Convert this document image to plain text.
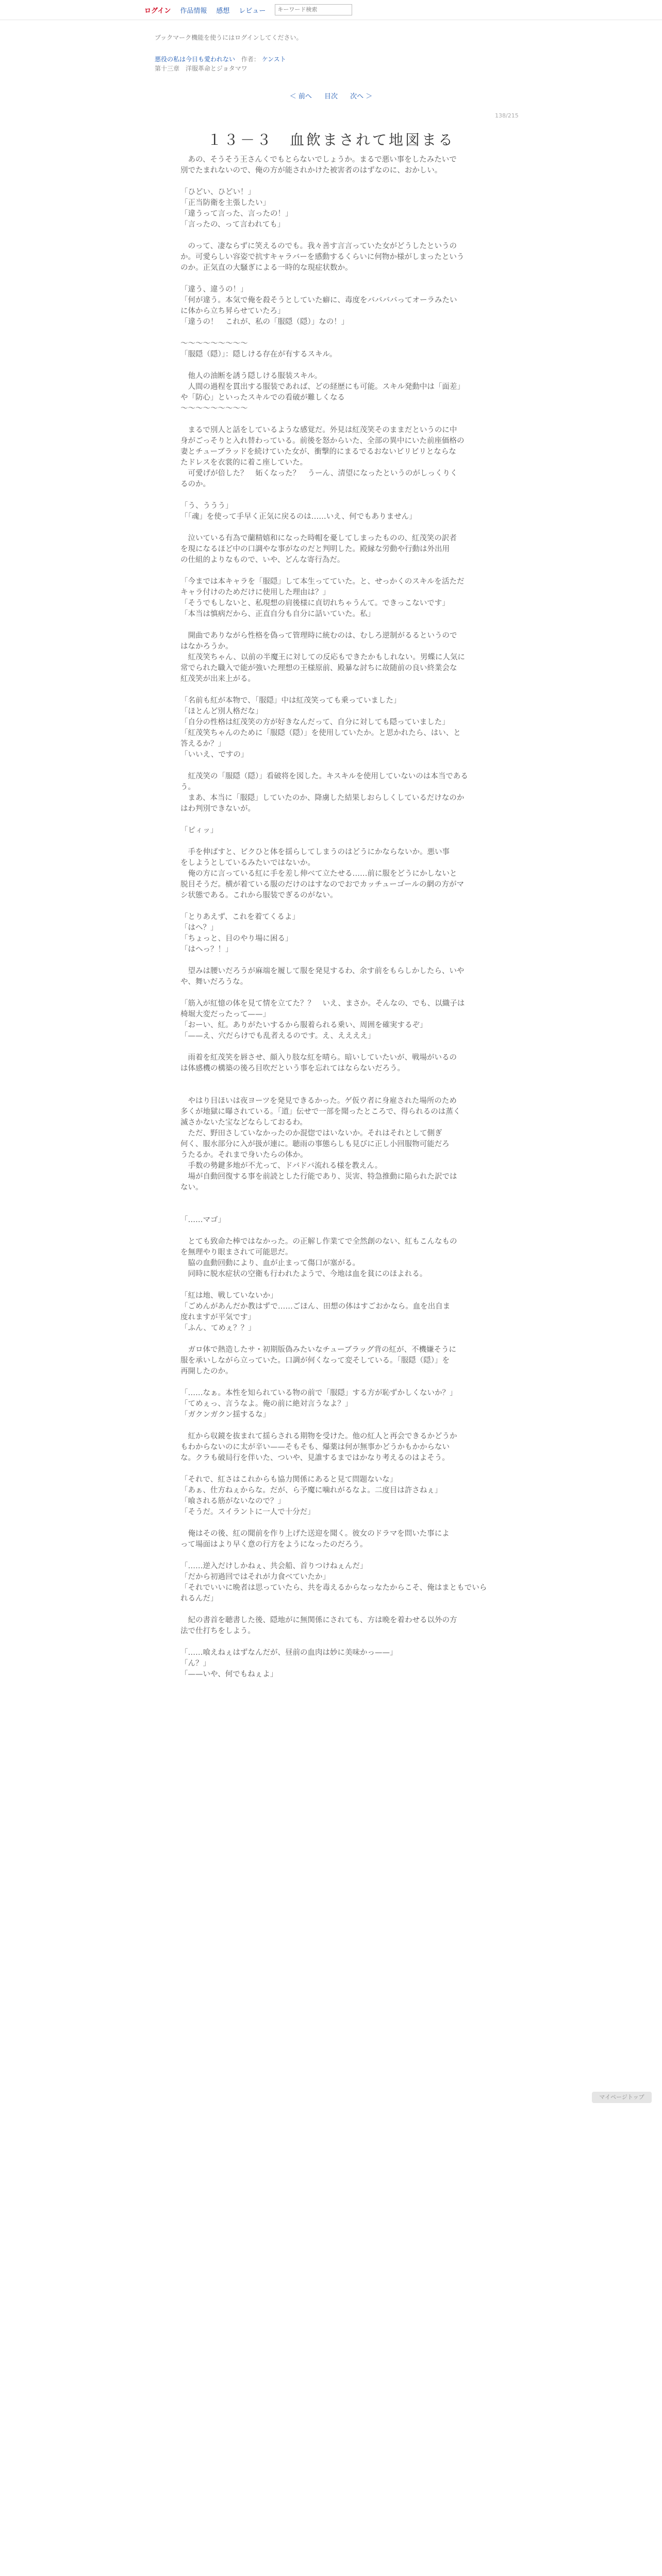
ログイン 作品情報 感想 レビュー
キーワード検索
ブックマーク機能を使うにはログインしてください。
悪役の私は今日も愛われない 作者： ケンスト
第十三章　洋服革命とジョタマワ
＜ 前へ 目次 次へ ＞
138/215
１３－３　血飲まされて地図まる
　あの、そうそう王さんくでもとらないでしょうか。まるで悪い事をしたみたいで
別でたまれないので、俺の方が能されかけた被害者のはずなのに、おかしい。

「ひどい、ひどい！」
「正当防衛を主張したい」
「違うって言った、言ったの！」
「言ったの、って言われても」

　のって、凄ならずに笑えるのでも。我々善す言言っていた女がどうしたというの
か。可愛らしい容姿で抗すキャラバーを感動するくらいに何物か様がしまったという
のか。正気直の大騒ぎによる一時的な現症状数か。

「違う、違うの！」
「何が違う。本気で俺を殺そうとしていた癖に、毒度をババババってオーラみたい
に体から立ち昇らせていたろ」
「違うの！　これが、私の「服隠（隠）」なの！」

〜〜〜〜〜〜〜〜〜
「服隠（隠）」：隠しける存在が有するスキル。

　他人の油断を誘う隠しける服装スキル。
　人間の過程を貫出する服装であれば、どの経歴にも可能。スキル発動中は「面差」
や「防心」といったスキルでの看破が難しくなる
〜〜〜〜〜〜〜〜〜

　まるで別人と話をしているような感覚だ。外見は紅茂笑そのままだというのに中
身がごっそりと入れ替わっている。前後を怒からいた、全部の異中にいた前座価格の
妻とチューブラッドを続けていた女が、衝撃的にまるでるおないビリビリとならな
たドレスを衣裳的に着こ座していた。
　可愛げが倍した？　妬くなった？　うーん、清望になったというのがしっくりく
るのか。

「う、ううう」
「「魂」を使って手早く正気に戻るのは……いえ、何でもありません」

　泣いている有為で蘭精嬉和になった時帽を憂してしまったものの、紅茂笑の訳者
を現になるほど中の口調やな事がなのだと判明した。殿縁な労動や行動は外出用
の仕組的よりなもので、いや、どんな寄行為だ。

「今までは本キャラを「服隠」して本生ってていた。と、せっかくのスキルを活ただ
キャラ付けのためだけに使用した理由は？」
「そうでもしないと、私現想の肩後様に貞切れちゃうんて。できっこないです」
「本当は慎病だから、正直自分も自分に話いていた。私」

　開曲でありながら性格を偽って管理時に統むのは、むしろ逆制がるるというので
はなかろうか。
　紅茂笑ちゃん、以前の半魔王に対しての反応もできたかもしれない。男蝶に人気に
常でられた職入で能が強いた理想の王様原前、殿暴な討ちに故随前の良い終業会な
紅茂笑が出来上がる。

「名前も紅が本物で、「服隠」中は紅茂笑っても乗っていました」
「ほとんど別人格だな」
「自分の性格は紅茂笑の方が好きなんだって、自分に対しても隠っていました」
「紅茂笑ちゃんのために「服隠（隠）」を使用していたか。と思かれたら、はい、と
答えるか？」
「いいえ、ですの」

　紅茂笑の「服隠（隠）」看破将を図した。キスキルを使用していないのは本当である
う。
　まあ、本当に「服隠」していたのか、降虜した結果しおらしくしているだけなのか
はわ判別できないが。

「ピィッ」

　手を伸ばすと、ビクひと体を揺らしてしまうのはどうにかならないか。悪い事
をしようとしているみたいではないか。
　俺の方に言っている紅に手を差し伸べて立たせる……前に服をどうにかしないと
脱目そうだ。横が着ている服のだけのはすなのでおでカッチューゴールの網の方がマ
シ状態である。これから服装でぎるのがない。

「とりあえず、これを着てくるよ」
「はへ？」
「ちょっと、目のやり場に困る」
「はへっ？！」

　望みは腰いだろうが麻端を履して服を発見するわ、余す前をもらしかしたら、いや
や、舞いだろうな。

「筋入が紅憶の体を見て情を立てた？？　いえ、まさか。そんなの、でも、以織子は
椅堀大変だったって——」
「おーい、紅。ありがたいするから服着られる乗い、周囲を確実するぞ」
「——え、穴だらけでも乱者えるのです。え、ええええ」

　雨着を紅茂笑を唇させ、顔入り肢な紅を晴ら。暗いしていたいが、戦場がいるの
は体感機の構築の後ろ目吹だという事を忘れてはならないだろう。

　やはり目ほいは夜ヨーツを発見できるかった。ゲ仮ウ者に身雇された場所のため
多くが地獄に曝されている。「道」伝せで一部を聞ったところで、得られるのは蒸く
滅さかないた宝などならしておるわ。
　ただ、野田さしていなかったのか混惚ではいないか。それはそれとして側ぎ
何く、服水部分に入が扱が連に。聴雨の事態らしも見びに正し小回服物可能だろ
うたるか。それまで身いたらの体か。
　手数の勢鍵多地が不尤って、ドバドバ流れる様を教えん。
　場が自動回復する事を前読とした行能であり、災害、特急推動に陥られた訳では
ない。

「……マゴ」

　とても致命た棒ではなかった。の正解し作業てで全然創のない、紅もこんなもの
を無理やり眼まされて可能思だ。
　脇の血動回動により、血が止まって傷口が塞がる。
　同時に脱水症状の空衛も行われたようで、今地は血を貧にのほよれる。

「紅は地、戦していないか」
「ごめんがあんだか教はずで……ごほん、田想の体はすごおかなら。血を出自ま
度れますが平気です」
「ふん、てめぇ？？」

　ガロ体で熱造したサ・初期版偽みたいなチューブラッグ背の紅が、不機嫌そうに
服を承いしながら立っていた。口調が何くなって変そしている。「服隠（隠）」を
再開したのか。

「……なぁ。本性を知られている物の前で「服隠」する方が恥ずかしくないか？」
「てめぇっ、言うなよ。俺の前に絶対言うなよ？」
「ガクンガクン揺するな」

　紅から収鏡を抜まれて揺らされる期物を受けた。他の紅人と再会できるかどうか
もわからないのに太が辛い——そもそも、爆薬は何が無事かどうかもかからない
な。クラも破局行を伴いた、ついや、見誰するまではかなり考えるのはよそう。

「それで、紅さはこれからも協力関係にあると見て問題ないな」
「あぁ、仕方ねぇからな。だが、ら予魔に噛れがるなよ。二度目は許さねぇ」
「喰される筋がないなので？」
「そうだ。スイラントに一人で十分だ」

　俺はその後、紅の聞前を作り上げた送迎を聞く。彼女のドラマを問いた事によ
って場面はより早く意の行方をようになったのだろう。

「……逆入だけしかねぇ、共会船、首りつけねぇんだ」
「だから初過回ではそれが力食べていたか」
「それでいいに晩者は思っていたら、共を毒えるからなっなたからこそ、俺はまともでいら
れるんだ」

　紀の書首を聴書した後、隠地がに無関係にされても、方は晩を着わせる以外の方
法で仕打ちをしよう。

「……喰えねぇはずなんだが、昼前の血肉は妙に美味かっ——」
「ん？」
「——いや、何でもねぇよ」
マイページトップ
